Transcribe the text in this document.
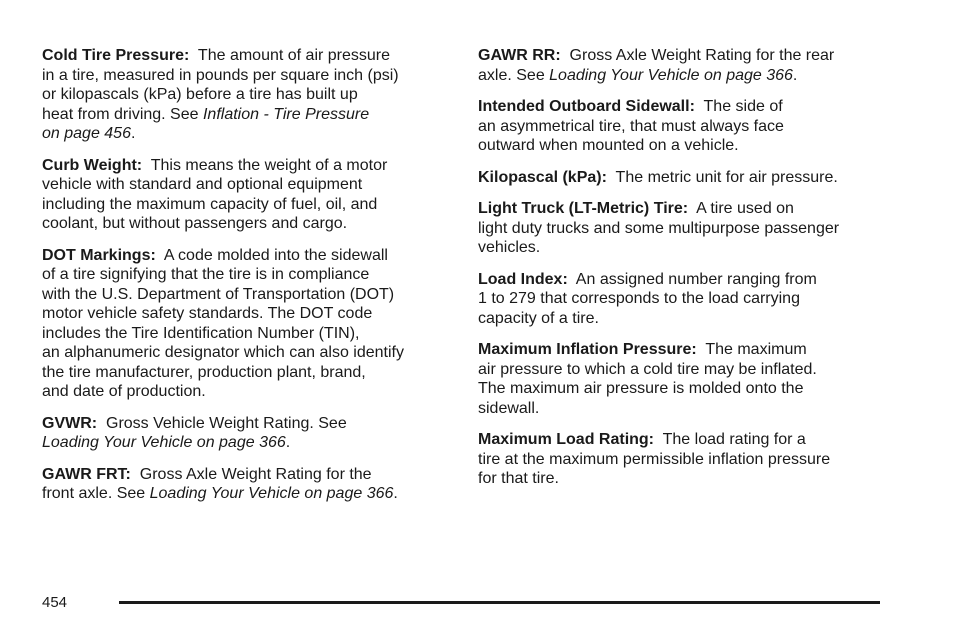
Cold Tire Pressure: The amount of air pressure
in a tire, measured in pounds per square inch (psi)
or kilopascals (kPa) before a tire has built up
heat from driving. See Inflation - Tire Pressure
on page 456.
Curb Weight: This means the weight of a motor
vehicle with standard and optional equipment
including the maximum capacity of fuel, oil, and
coolant, but without passengers and cargo.
DOT Markings: A code molded into the sidewall
of a tire signifying that the tire is in compliance
with the U.S. Department of Transportation (DOT)
motor vehicle safety standards. The DOT code
includes the Tire Identification Number (TIN),
an alphanumeric designator which can also identify
the tire manufacturer, production plant, brand,
and date of production.
GVWR: Gross Vehicle Weight Rating. See
Loading Your Vehicle on page 366.
GAWR FRT: Gross Axle Weight Rating for the
front axle. See Loading Your Vehicle on page 366.
GAWR RR: Gross Axle Weight Rating for the rear
axle. See Loading Your Vehicle on page 366.
Intended Outboard Sidewall: The side of
an asymmetrical tire, that must always face
outward when mounted on a vehicle.
Kilopascal (kPa): The metric unit for air pressure.
Light Truck (LT-Metric) Tire: A tire used on
light duty trucks and some multipurpose passenger
vehicles.
Load Index: An assigned number ranging from
1 to 279 that corresponds to the load carrying
capacity of a tire.
Maximum Inflation Pressure: The maximum
air pressure to which a cold tire may be inflated.
The maximum air pressure is molded onto the
sidewall.
Maximum Load Rating: The load rating for a
tire at the maximum permissible inflation pressure
for that tire.
454
